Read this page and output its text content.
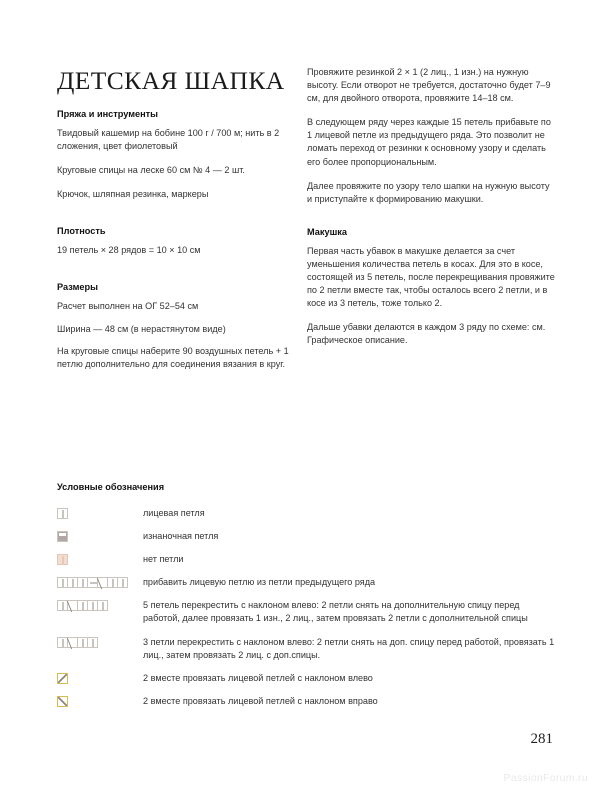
ДЕТСКАЯ ШАПКА
Пряжа и инструменты

Твидовый кашемир на бобине 100 г / 700 м; нить в 2 сложения, цвет фиолетовый

Круговые спицы на леске 60 см № 4 — 2 шт.

Крючок, шляпная резинка, маркеры

Плотность

19 петель × 28 рядов = 10 × 10 см

Размеры

Расчет выполнен на ОГ 52–54 см

Ширина — 48 см (в нерастянутом виде)

На круговые спицы наберите 90 воздушных петель + 1 петлю дополнительно для соединения вязания в круг.

Провяжите резинкой 2 × 1 (2 лиц., 1 изн.) на нужную высоту. Если отворот не требуется, достаточно будет 7–9 см, для двойного отворота, провяжите 14–18 см.

В следующем ряду через каждые 15 петель прибавьте по 1 лицевой петле из предыдущего ряда. Это позволит не ломать переход от резинки к основному узору и сделать его более пропорциональным.

Далее провяжите по узору тело шапки на нужную высоту и приступайте к формированию макушки.

Макушка

Первая часть убавок в макушке делается за счет уменьшения количества петель в косах. Для это в косе, состоящей из 5 петель, после перекрещивания провяжите по 2 петли вместе так, чтобы осталось всего 2 петли, и в косе из 3 петель, тоже только 2.

Дальше убавки делаются в каждом 3 ряду по схеме: см. Графическое описание.

Условные обозначения
лицевая петля
изнаночная петля
нет петли
прибавить лицевую петлю из петли предыдущего ряда
5 петель перекрестить с наклоном влево: 2 петли снять на дополнительную спицу перед работой, далее провязать 1 изн., 2 лиц., затем провязать 2 петли с дополнительной спицы
3 петли перекрестить с наклоном влево: 2 петли снять на доп. спицу перед работой, провязать 1 лиц., затем провязать 2 лиц. с доп.спицы.
2 вместе провязать лицевой петлей с наклоном влево
2 вместе провязать лицевой петлей с наклоном вправо
281
PassionForum.ru
